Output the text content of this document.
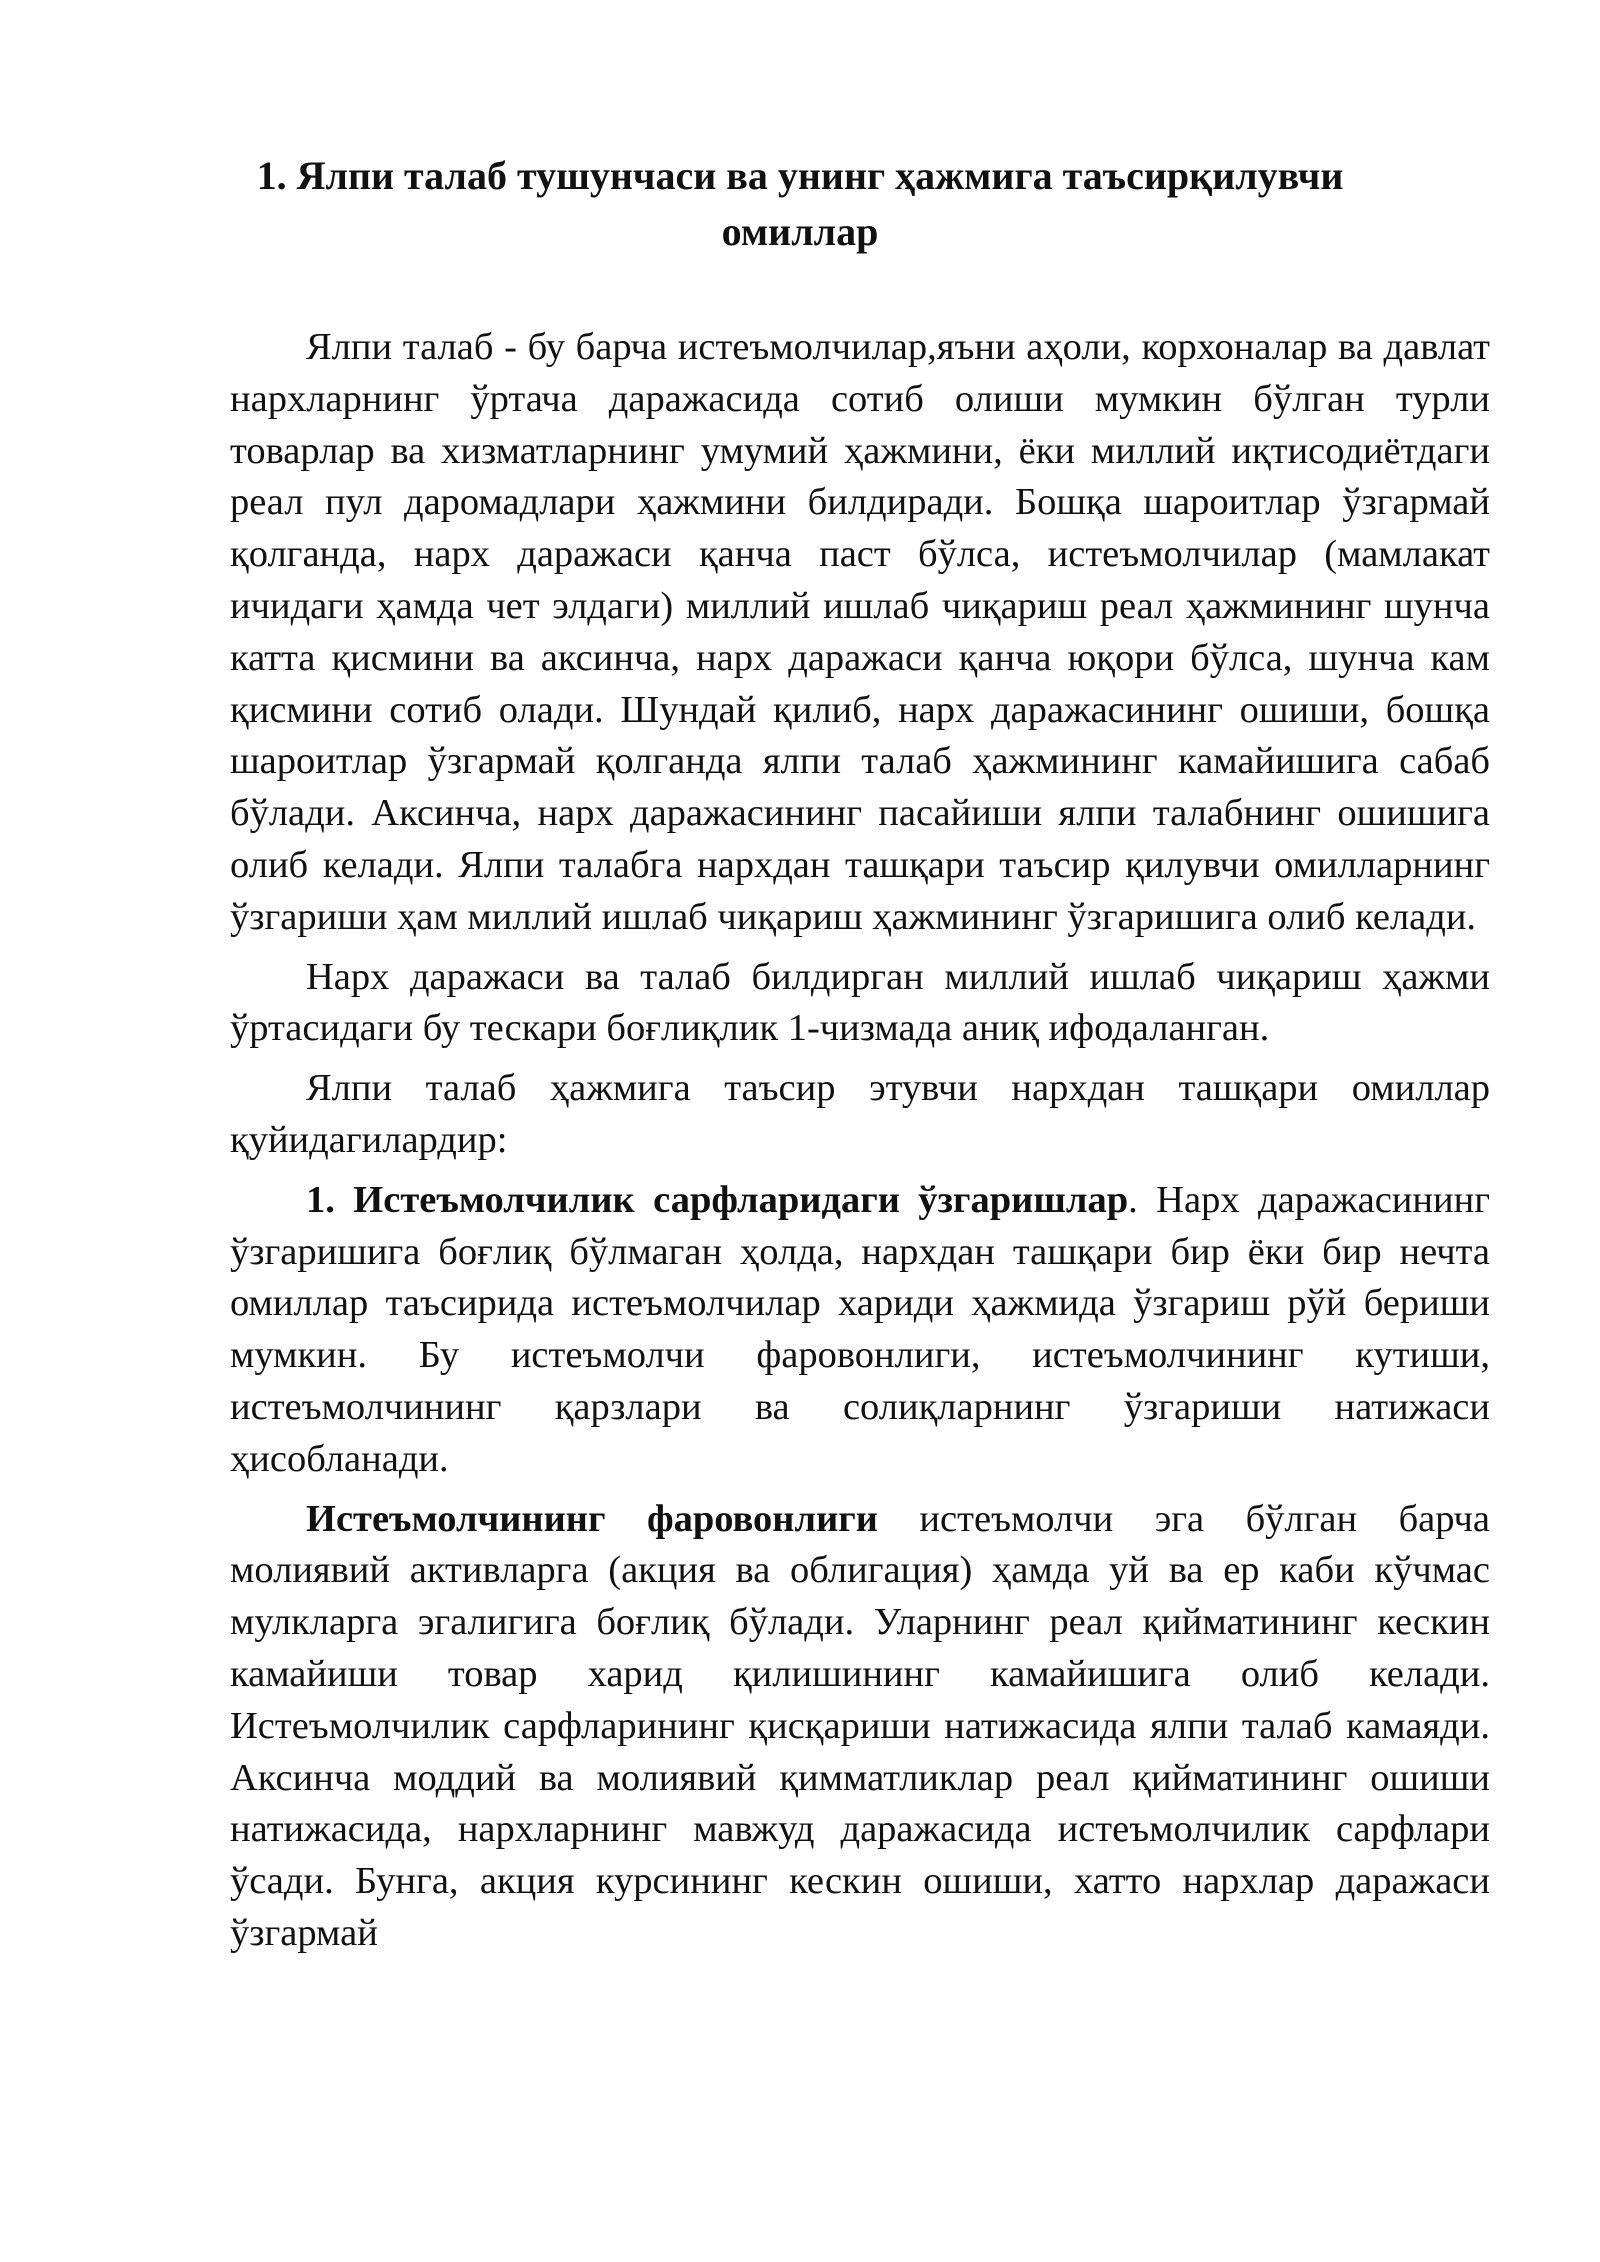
1. Ялпи талаб тушунчаси ва унинг ҳажмига таъсирқилувчи омиллар

Ялпи талаб - бу барча истеъмолчилар,яъни аҳоли, корхоналар ва давлат нархларнинг ўртача даражасида сотиб олиши мумкин бўлган турли товарлар ва хизматларнинг умумий ҳажмини, ёки миллий иқтисодиётдаги реал пул даромадлари ҳажмини билдиради. Бошқа шароитлар ўзгармай қолганда, нарх даражаси қанча паст бўлса, истеъмолчилар (мамлакат ичидаги ҳамда чет элдаги) миллий ишлаб чиқариш реал ҳажмининг шунча катта қисмини ва аксинча, нарх даражаси қанча юқори бўлса, шунча кам қисмини сотиб олади. Шундай қилиб, нарх даражасининг ошиши, бошқа шароитлар ўзгармай қолганда ялпи талаб ҳажмининг камайишига сабаб бўлади. Аксинча, нарх даражасининг пасайиши ялпи талабнинг ошишига олиб келади. Ялпи талабга нархдан ташқари таъсир қилувчи омилларнинг ўзгариши ҳам миллий ишлаб чиқариш ҳажмининг ўзгаришига олиб келади.

Нарх даражаси ва талаб билдирган миллий ишлаб чиқариш ҳажми ўртасидаги бу тескари боғлиқлик 1-чизмада аниқ ифодаланган.

Ялпи талаб ҳажмига таъсир этувчи нархдан ташқари омиллар қуйидагилардир:

1. Истеъмолчилик сарфларидаги ўзгаришлар. Нарх даражасининг ўзгаришига боғлиқ бўлмаган ҳолда, нархдан ташқари бир ёки бир нечта омиллар таъсирида истеъмолчилар хариди ҳажмида ўзгариш рўй бериши мумкин. Бу истеъмолчи фаровонлиги, истеъмолчининг кутиши, истеъмолчининг қарзлари ва солиқларнинг ўзгариши натижаси ҳисобланади.

Истеъмолчининг фаровонлиги истеъмолчи эга бўлган барча молиявий активларга (акция ва облигация) ҳамда уй ва ер каби кўчмас мулкларга эгалигига боғлиқ бўлади. Уларнинг реал қийматининг кескин камайиши товар харид қилишининг камайишига олиб келади. Истеъмолчилик сарфларининг қисқариши натижасида ялпи талаб камаяди. Аксинча моддий ва молиявий қимматликлар реал қийматининг ошиши натижасида, нархларнинг мавжуд даражасида истеъмолчилик сарфлари ўсади. Бунга, акция курсининг кескин ошиши, хатто нархлар даражаси ўзгармай
